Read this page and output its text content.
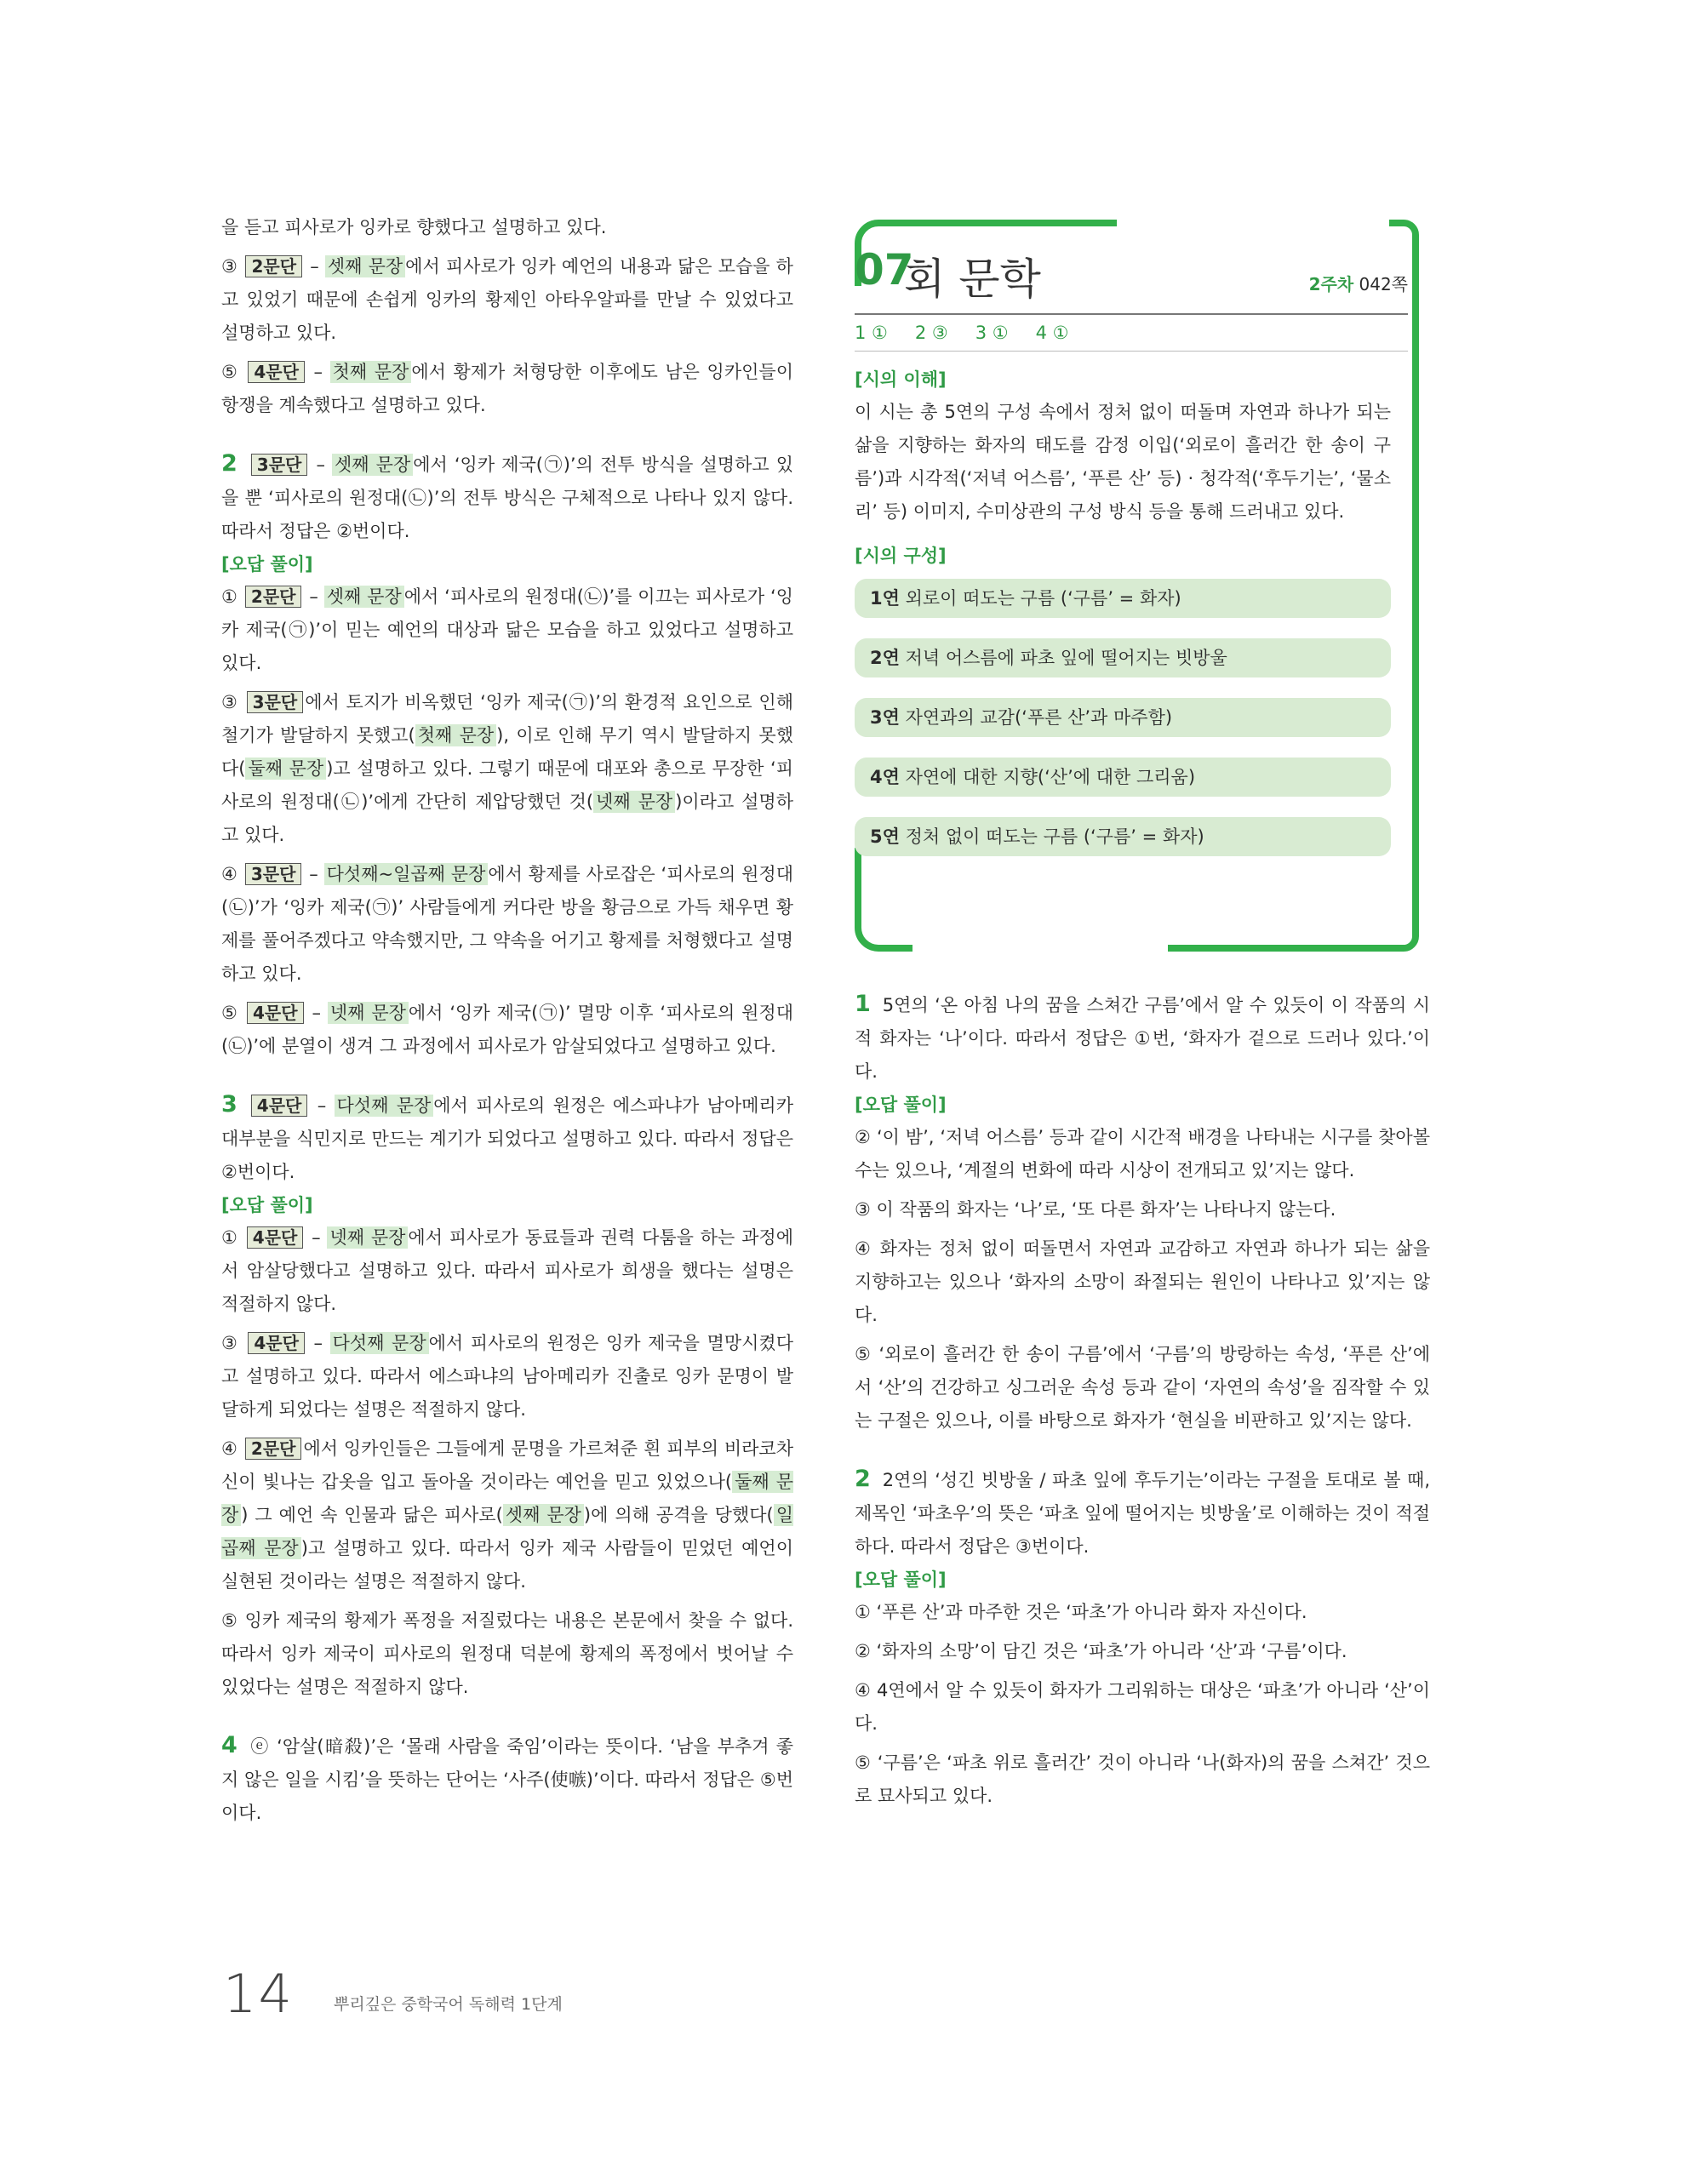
을 듣고 피사로가 잉카로 향했다고 설명하고 있다.

③ 2문단 – 셋째 문장 에서 피사로가 잉카 예언의 내용과 닮은 모습을 하고 있었기 때문에 손쉽게 잉카의 황제인 아타우알파를 만날 수 있었다고 설명하고 있다.

⑤ 4문단 – 첫째 문장 에서 황제가 처형당한 이후에도 남은 잉카인들이 항쟁을 계속했다고 설명하고 있다.

2 3문단 – 셋째 문장 에서 ‘잉카 제국(㉠)’의 전투 방식을 설명하고 있을 뿐 ‘피사로의 원정대(㉡)’의 전투 방식은 구체적으로 나타나 있지 않다. 따라서 정답은 ②번이다.

[오답 풀이]

① 2문단 – 셋째 문장 에서 ‘피사로의 원정대(㉡)’를 이끄는 피사로가 ‘잉카 제국(㉠)’이 믿는 예언의 대상과 닮은 모습을 하고 있었다고 설명하고 있다.

③ 3문단 에서 토지가 비옥했던 ‘잉카 제국(㉠)’의 환경적 요인으로 인해 철기가 발달하지 못했고( 첫째 문장 ), 이로 인해 무기 역시 발달하지 못했다( 둘째 문장 )고 설명하고 있다. 그렇기 때문에 대포와 총으로 무장한 ‘피사로의 원정대(㉡)’에게 간단히 제압당했던 것( 넷째 문장 )이라고 설명하고 있다.

④ 3문단 – 다섯째~일곱째 문장 에서 황제를 사로잡은 ‘피사로의 원정대(㉡)’가 ‘잉카 제국(㉠)’ 사람들에게 커다란 방을 황금으로 가득 채우면 황제를 풀어주겠다고 약속했지만, 그 약속을 어기고 황제를 처형했다고 설명하고 있다.

⑤ 4문단 – 넷째 문장 에서 ‘잉카 제국(㉠)’ 멸망 이후 ‘피사로의 원정대(㉡)’에 분열이 생겨 그 과정에서 피사로가 암살되었다고 설명하고 있다.

3 4문단 – 다섯째 문장 에서 피사로의 원정은 에스파냐가 남아메리카 대부분을 식민지로 만드는 계기가 되었다고 설명하고 있다. 따라서 정답은 ②번이다.

[오답 풀이]

① 4문단 – 넷째 문장 에서 피사로가 동료들과 권력 다툼을 하는 과정에서 암살당했다고 설명하고 있다. 따라서 피사로가 희생을 했다는 설명은 적절하지 않다.

③ 4문단 – 다섯째 문장 에서 피사로의 원정은 잉카 제국을 멸망시켰다고 설명하고 있다. 따라서 에스파냐의 남아메리카 진출로 잉카 문명이 발달하게 되었다는 설명은 적절하지 않다.

④ 2문단 에서 잉카인들은 그들에게 문명을 가르쳐준 흰 피부의 비라코차 신이 빛나는 갑옷을 입고 돌아올 것이라는 예언을 믿고 있었으나( 둘째 문장 ) 그 예언 속 인물과 닮은 피사로( 셋째 문장 )에 의해 공격을 당했다( 일곱째 문장 )고 설명하고 있다. 따라서 잉카 제국 사람들이 믿었던 예언이 실현된 것이라는 설명은 적절하지 않다.

⑤ 잉카 제국의 황제가 폭정을 저질렀다는 내용은 본문에서 찾을 수 없다. 따라서 잉카 제국이 피사로의 원정대 덕분에 황제의 폭정에서 벗어날 수 있었다는 설명은 적절하지 않다.

4 ⓔ ‘암살(暗殺)’은 ‘몰래 사람을 죽임’이라는 뜻이다. ‘남을 부추겨 좋지 않은 일을 시킴’을 뜻하는 단어는 ‘사주(使嗾)’이다. 따라서 정답은 ⑤번이다.

07
회 문학	2주차 042쪽
1 ① 2 ③ 3 ① 4 ①

[시의 이해]

이 시는 총 5연의 구성 속에서 정처 없이 떠돌며 자연과 하나가 되는 삶을 지향하는 화자의 태도를 감정 이입(‘외로이 흘러간 한 송이 구름’)과 시각적(‘저녁 어스름’, ‘푸른 산’ 등) · 청각적(‘후두기는’, ‘물소리’ 등) 이미지, 수미상관의 구성 방식 등을 통해 드러내고 있다.

[시의 구성]

1연 외로이 떠도는 구름 (‘구름’ = 화자)
2연 저녁 어스름에 파초 잎에 떨어지는 빗방울
3연 자연과의 교감(‘푸른 산’과 마주함)
4연 자연에 대한 지향(‘산’에 대한 그리움)
5연 정처 없이 떠도는 구름 (‘구름’ = 화자)

1 5연의 ‘온 아침 나의 꿈을 스쳐간 구름’에서 알 수 있듯이 이 작품의 시적 화자는 ‘나’이다. 따라서 정답은 ①번, ‘화자가 겉으로 드러나 있다.’이다.

[오답 풀이]

② ‘이 밤’, ‘저녁 어스름’ 등과 같이 시간적 배경을 나타내는 시구를 찾아볼 수는 있으나, ‘계절의 변화에 따라 시상이 전개되고 있’지는 않다.

③ 이 작품의 화자는 ‘나’로, ‘또 다른 화자’는 나타나지 않는다.

④ 화자는 정처 없이 떠돌면서 자연과 교감하고 자연과 하나가 되는 삶을 지향하고는 있으나 ‘화자의 소망이 좌절되는 원인이 나타나고 있’지는 않다.

⑤ ‘외로이 흘러간 한 송이 구름’에서 ‘구름’의 방랑하는 속성, ‘푸른 산’에서 ‘산’의 건강하고 싱그러운 속성 등과 같이 ‘자연의 속성’을 짐작할 수 있는 구절은 있으나, 이를 바탕으로 화자가 ‘현실을 비판하고 있’지는 않다.

2 2연의 ‘성긴 빗방울 / 파초 잎에 후두기는’이라는 구절을 토대로 볼 때, 제목인 ‘파초우’의 뜻은 ‘파초 잎에 떨어지는 빗방울’로 이해하는 것이 적절하다. 따라서 정답은 ③번이다.

[오답 풀이]

① ‘푸른 산’과 마주한 것은 ‘파초’가 아니라 화자 자신이다.

② ‘화자의 소망’이 담긴 것은 ‘파초’가 아니라 ‘산’과 ‘구름’이다.

④ 4연에서 알 수 있듯이 화자가 그리워하는 대상은 ‘파초’가 아니라 ‘산’이다.

⑤ ‘구름’은 ‘파초 위로 흘러간’ 것이 아니라 ‘나(화자)의 꿈을 스쳐간’ 것으로 묘사되고 있다.

14 뿌리깊은 중학국어 독해력 1단계
